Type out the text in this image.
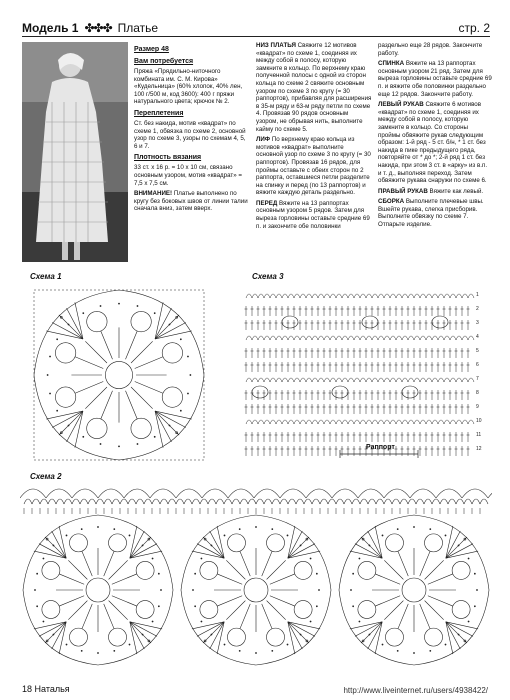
Модель 1 ✤✤✤ Платье	стр. 2

Размер 48

Вам потребуется

Пряжа «Прядильно-ниточного комбината им. С. М. Кирова» «Кудельница» (60% хлопок, 40% лен, 100 г/500 м, код 3600): 400 г пряжи натурального цвета; крючок № 2.

Переплетения

Ст. без накида, мотив «квадрат» по схеме 1, обвязка по схеме 2, основной узор по схеме 3, узоры по схемам 4, 5, 6 и 7.

Плотность вязания

33 ст. х 16 р. = 10 х 10 см, связано основным узором, мотив «квадрат» = 7,5 х 7,5 см.

ВНИМАНИЕ! Платье выполнено по кругу без боковых швов от линии талии сначала вниз, затем вверх.

НИЗ ПЛАТЬЯ Свяжите 12 мотивов «квадрат» по схеме 1, соединяя их между собой в полосу, которую замкните в кольцо. По верхнему краю полученной полосы с одной из сторон кольца по схеме 2 свяжите основным узором по схеме 3 по кругу (= 30 раппортов), прибавляя для расширения в 35-м ряду и 63-м ряду петли по схеме 4. Провязав 90 рядов основным узором, не обрывая нить, выполните кайму по схеме 5.

ЛИФ По верхнему краю кольца из мотивов «квадрат» выполните основной узор по схеме 3 по кругу (= 30 раппортов). Провязав 16 рядов, для проймы оставьте с обеих сторон по 2 раппорта, оставшиеся петли разделите на спинку и перед (по 13 раппортов) и вяжите каждую деталь раздельно.

ПЕРЕД Вяжите на 13 раппортах основным узором 5 рядов. Затем для выреза горловины оставьте средние 69 п. и закончите обе половинки

раздельно еще 28 рядов. Закончите работу.

СПИНКА Вяжите на 13 раппортах основным узором 21 ряд. Затем для выреза горловины оставьте средние 69 п. и вяжите обе половинки раздельно еще 12 рядов. Закончите работу.

ЛЕВЫЙ РУКАВ Свяжите 6 мотивов «квадрат» по схеме 1, соединяя их между собой в полосу, которую замкните в кольцо. Со стороны проймы обвяжите рукав следующим образом: 1-й ряд - 5 ст. б/н, * 1 ст. без накида в пике предыдущего ряда, повторяйте от * до *; 2-й ряд 1 ст. без накида, при этом 3 ст. в «арку» из в.п. и т. д., выполняя переход. Затем обвяжите рукава снаружи по схеме 6.

ПРАВЫЙ РУКАВ Вяжите как левый.

СБОРКА Выполните плечевые швы. Вшейте рукава, слегка присборив. Выполните обвязку по схеме 7. Отпарьте изделие.

Схема 1	Схема 3
1
2
3
4
5
6
7
8
9
10
11
12
Раппорт
Схема 2
18 Наталья	http://www.liveinternet.ru/users/4938422/
